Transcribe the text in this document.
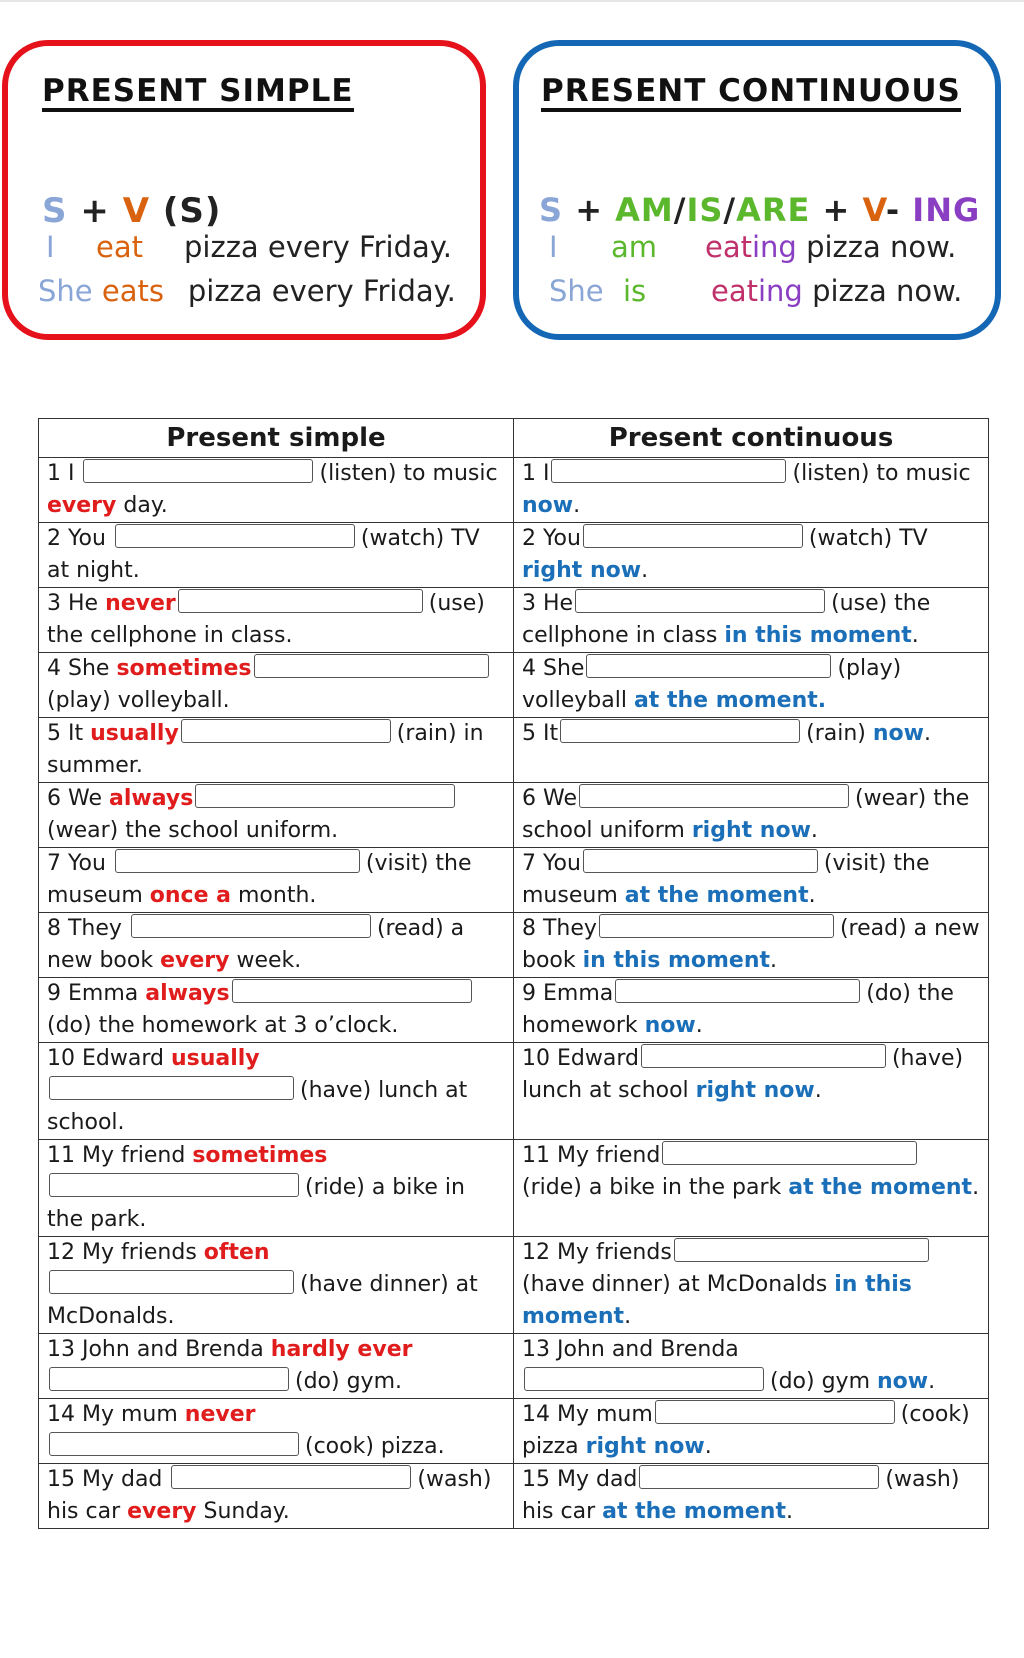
PRESENT SIMPLE
S + V (S)
I eat pizza every Friday.
She eats pizza every Friday.
PRESENT CONTINUOUS
S + AM/IS/ARE + V- ING
I am eating pizza now.
She is eating pizza now.
Present simple	Present continuous
1 I (listen) to music every day.	1 I (listen) to music now.
2 You (watch) TV at night.	2 You (watch) TV right now.
3 He never (use) the cellphone in class.	3 He (use) the cellphone in class in this moment.
4 She sometimes(play) volleyball.	4 She (play) volleyball at the moment.
5 It usually (rain) in summer.	5 It (rain) now.
6 We always(wear) the school uniform.	6 We (wear) the school uniform right now.
7 You (visit) the museum once a month.	7 You (visit) the museum at the moment.
8 They (read) a new book every week.	8 They (read) a new book in this moment.
9 Emma always(do) the homework at 3 o’clock.	9 Emma (do) the homework now.
10 Edward usually(have) lunch at school.	10 Edward (have) lunch at school right now.
11 My friend sometimes(ride) a bike in the park.	11 My friend(ride) a bike in the park at the moment.
12 My friends often(have dinner) at McDonalds.	12 My friends(have dinner) at McDonalds in this moment.
13 John and Brenda hardly ever(do) gym.	13 John and Brenda(do) gym now.
14 My mum never(cook) pizza.	14 My mum (cook) pizza right now.
15 My dad (wash) his car every Sunday.	15 My dad (wash) his car at the moment.
